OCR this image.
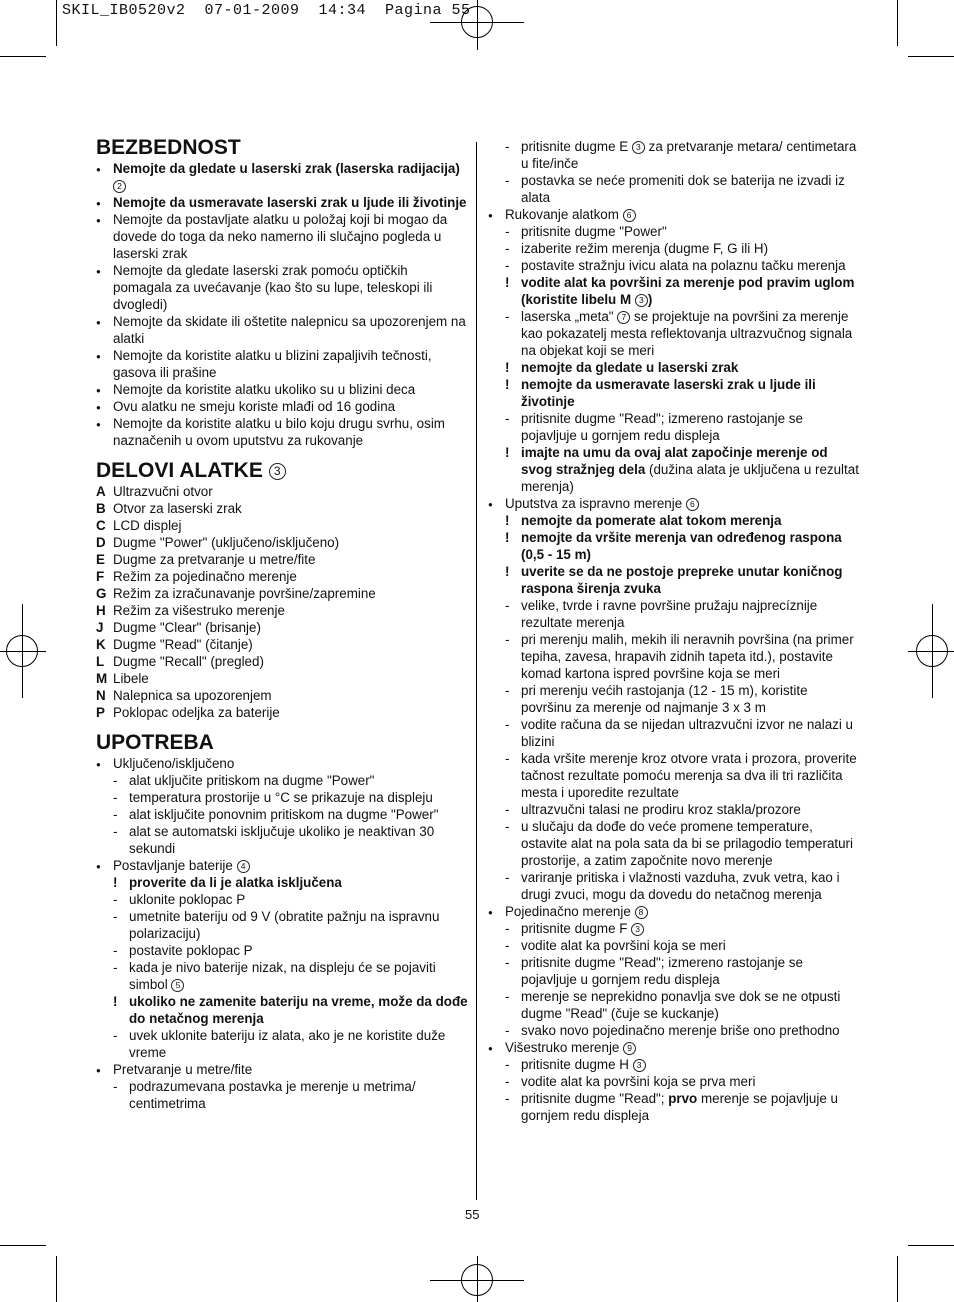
SKIL_IB0520v2  07-01-2009  14:34  Pagina 55
BEZBEDNOST
● Nemojte da gledate u laserski zrak (laserska radijacija) 2
● Nemojte da usmeravate laserski zrak u ljude ili životinje
● Nemojte da postavljate alatku u položaj koji bi mogao da dovede do toga da neko namerno ili slučajno pogleda u laserski zrak
● Nemojte da gledate laserski zrak pomoću optičkih pomagala za uvećavanje (kao što su lupe, teleskopi ili dvogledi)
● Nemojte da skidate ili oštetite nalepnicu sa upozorenjem na alatki
● Nemojte da koristite alatku u blizini zapaljivih tečnosti, gasova ili prašine
● Nemojte da koristite alatku ukoliko su u blizini deca
● Ovu alatku ne smeju koriste mlađi od 16 godina
● Nemojte da koristite alatku u bilo koju drugu svrhu, osim naznačenih u ovom uputstvu za rukovanje
DELOVI ALATKE 3
A Ultrazvučni otvor
B Otvor za laserski zrak
C LCD displej
D Dugme "Power" (uključeno/isključeno)
E Dugme za pretvaranje u metre/fite
F Režim za pojedinačno merenje
G Režim za izračunavanje površine/zapremine
H Režim za višestruko merenje
J Dugme "Clear" (brisanje)
K Dugme "Read" (čitanje)
L Dugme "Recall" (pregled)
M Libele
N Nalepnica sa upozorenjem
P Poklopac odeljka za baterije
UPOTREBA
● Uključeno/isključeno
- alat uključite pritiskom na dugme "Power"
- temperatura prostorije u °C se prikazuje na displeju
- alat isključite ponovnim pritiskom na dugme "Power"
- alat se automatski isključuje ukoliko je neaktivan 30 sekundi
● Postavljanje baterije 4
! proverite da li je alatka isključena
- uklonite poklopac P
- umetnite bateriju od 9 V (obratite pažnju na ispravnu polarizaciju)
- postavite poklopac P
- kada je nivo baterije nizak, na displeju će se pojaviti simbol 5
! ukoliko ne zamenite bateriju na vreme, može da dođe do netačnog merenja
- uvek uklonite bateriju iz alata, ako je ne koristite duže vreme
● Pretvaranje u metre/fite
- podrazumevana postavka je merenje u metrima/ centimetrima
- pritisnite dugme E 3 za pretvaranje metara/ centimetara u fite/inče
- postavka se neće promeniti dok se baterija ne izvadi iz alata
● Rukovanje alatkom 6
- pritisnite dugme "Power"
- izaberite režim merenja (dugme F, G ili H)
- postavite stražnju ivicu alata na polaznu tačku merenja
! vodite alat ka površini za merenje pod pravim uglom (koristite libelu M 3 )
- laserska „meta" 7 se projektuje na površini za merenje kao pokazatelj mesta reflektovanja ultrazvučnog signala na objekat koji se meri
! nemojte da gledate u laserski zrak
! nemojte da usmeravate laserski zrak u ljude ili životinje
- pritisnite dugme "Read"; izmereno rastojanje se pojavljuje u gornjem redu displeja
! imajte na umu da ovaj alat započinje merenje od svog stražnjeg dela (dužina alata je uključena u rezultat merenja)
● Uputstva za ispravno merenje 6
! nemojte da pomerate alat tokom merenja
! nemojte da vršite merenja van određenog raspona (0,5 - 15 m)
! uverite se da ne postoje prepreke unutar koničnog raspona širenja zvuka
- velike, tvrde i ravne površine pružaju najprecíznije rezultate merenja
- pri merenju malih, mekih ili neravnih površina (na primer tepiha, zavesa, hrapavih zidnih tapeta itd.), postavite komad kartona ispred površine koja se meri
- pri merenju većih rastojanja (12 - 15 m), koristite površinu za merenje od najmanje 3 x 3 m
- vodite računa da se nijedan ultrazvučni izvor ne nalazi u blizini
- kada vršite merenje kroz otvore vrata i prozora, proverite tačnost rezultate pomoću merenja sa dva ili tri različita mesta i uporedite rezultate
- ultrazvučni talasi ne prodiru kroz stakla/prozore
- u slučaju da dođe do veće promene temperature, ostavite alat na pola sata da bi se prilagodio temperaturi prostorije, a zatim započnite novo merenje
- variranje pritiska i vlažnosti vazduha, zvuk vetra, kao i drugi zvuci, mogu da dovedu do netačnog merenja
● Pojedinačno merenje 8
- pritisnite dugme F 3
- vodite alat ka površini koja se meri
- pritisnite dugme "Read"; izmereno rastojanje se pojavljuje u gornjem redu displeja
- merenje se neprekidno ponavlja sve dok se ne otpusti dugme "Read" (čuje se kuckanje)
- svako novo pojedinačno merenje briše ono prethodno
● Višestruko merenje 9
- pritisnite dugme H 3
- vodite alat ka površini koja se prva meri
- pritisnite dugme "Read"; prvo merenje se pojavljuje u gornjem redu displeja
55
